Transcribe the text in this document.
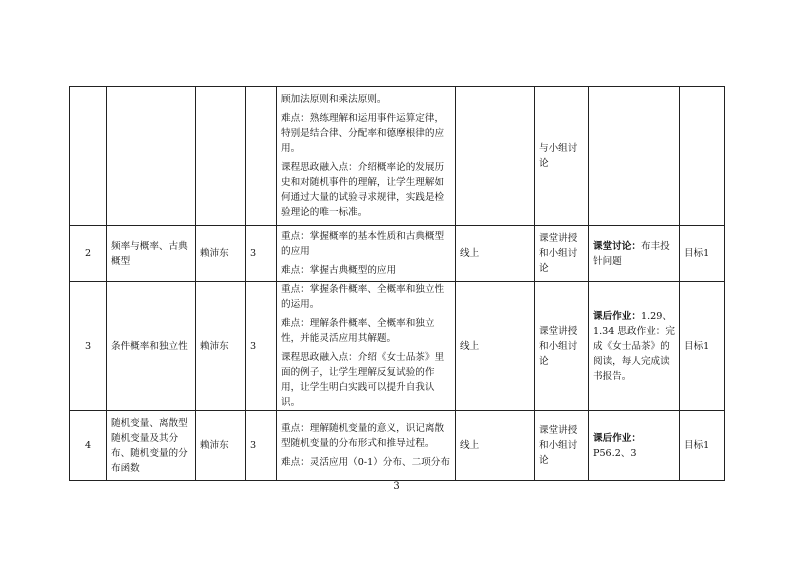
				顾加法原则和乘法原则。

难点：熟练理解和运用事件运算定律，特别是结合律、分配率和德摩根律的应用。

课程思政融入点：介绍概率论的发展历史和对随机事件的理解，让学生理解如何通过大量的试验寻求规律，实践是检验理论的唯一标准。		与小组讨论		
2	频率与概率、古典概型	赖沛东	3	重点：掌握概率的基本性质和古典概型的应用

难点：掌握古典概型的应用	线上	课堂讲授和小组讨论	课堂讨论：布丰投针问题	目标1
3	条件概率和独立性	赖沛东	3	重点：掌握条件概率、全概率和独立性的运用。

难点：理解条件概率、全概率和独立性，并能灵活应用其解题。

课程思政融入点：介绍《女士品茶》里面的例子，让学生理解反复试验的作用，让学生明白实践可以提升自我认识。	线上	课堂讲授和小组讨论	课后作业：1.29、1.34 思政作业：完成《女士品茶》的阅读，每人完成读书报告。	目标1
4	随机变量、离散型随机变量及其分布、随机变量的分布函数	赖沛东	3	重点：理解随机变量的意义，识记离散型随机变量的分布形式和推导过程。

难点：灵活应用（0-1）分布、二项分布	线上	课堂讲授和小组讨论	课后作业：P56.2、3	目标1
3
